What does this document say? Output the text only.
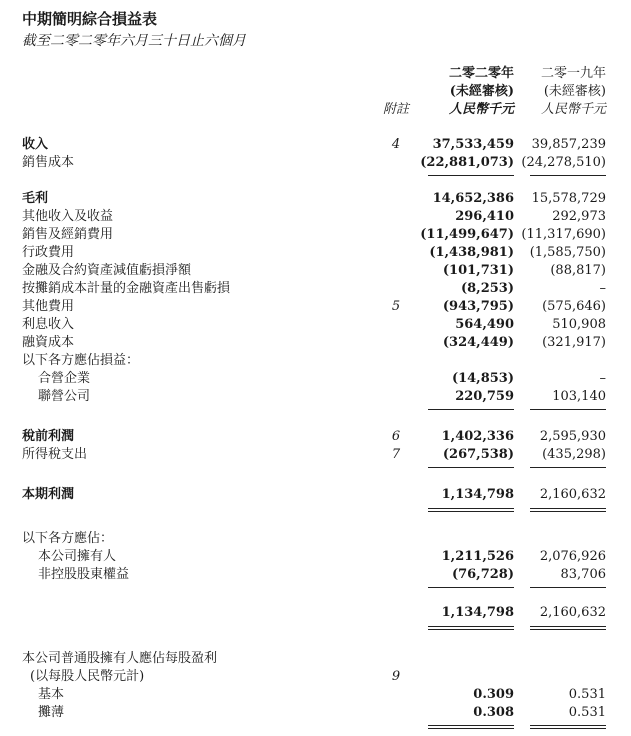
中期簡明綜合損益表
截至二零二零年六月三十日止六個月
二零二零年
(未經審核)
人民幣千元
二零一九年
(未經審核)
人民幣千元
附註
收入	4	37,533,459	39,857,239
銷售成本	(22,881,073) (24,278,510)
毛利	14,652,386	15,578,729
其他收入及收益	296,410	292,973
銷售及經銷費用	(11,499,647) (11,317,690)
行政費用	(1,438,981)	(1,585,750)
金融及合約資產減值虧損淨額	(101,731)	(88,817)
按攤銷成本計量的金融資產出售虧損	(8,253)	–
其他費用	5	(943,795)	(575,646)
利息收入	564,490	510,908
融資成本	(324,449)	(321,917)
以下各方應佔損益：
合營企業	(14,853)	–
聯營公司	220,759	103,140
稅前利潤	6	1,402,336	2,595,930
所得稅支出	7	(267,538)	(435,298)
本期利潤	1,134,798	2,160,632
以下各方應佔：
本公司擁有人	1,211,526	2,076,926
非控股股東權益	(76,728)	83,706
1,134,798	2,160,632
本公司普通股擁有人應佔每股盈利
(以每股人民幣元計)	9
基本	0.309	0.531
攤薄	0.308	0.531
